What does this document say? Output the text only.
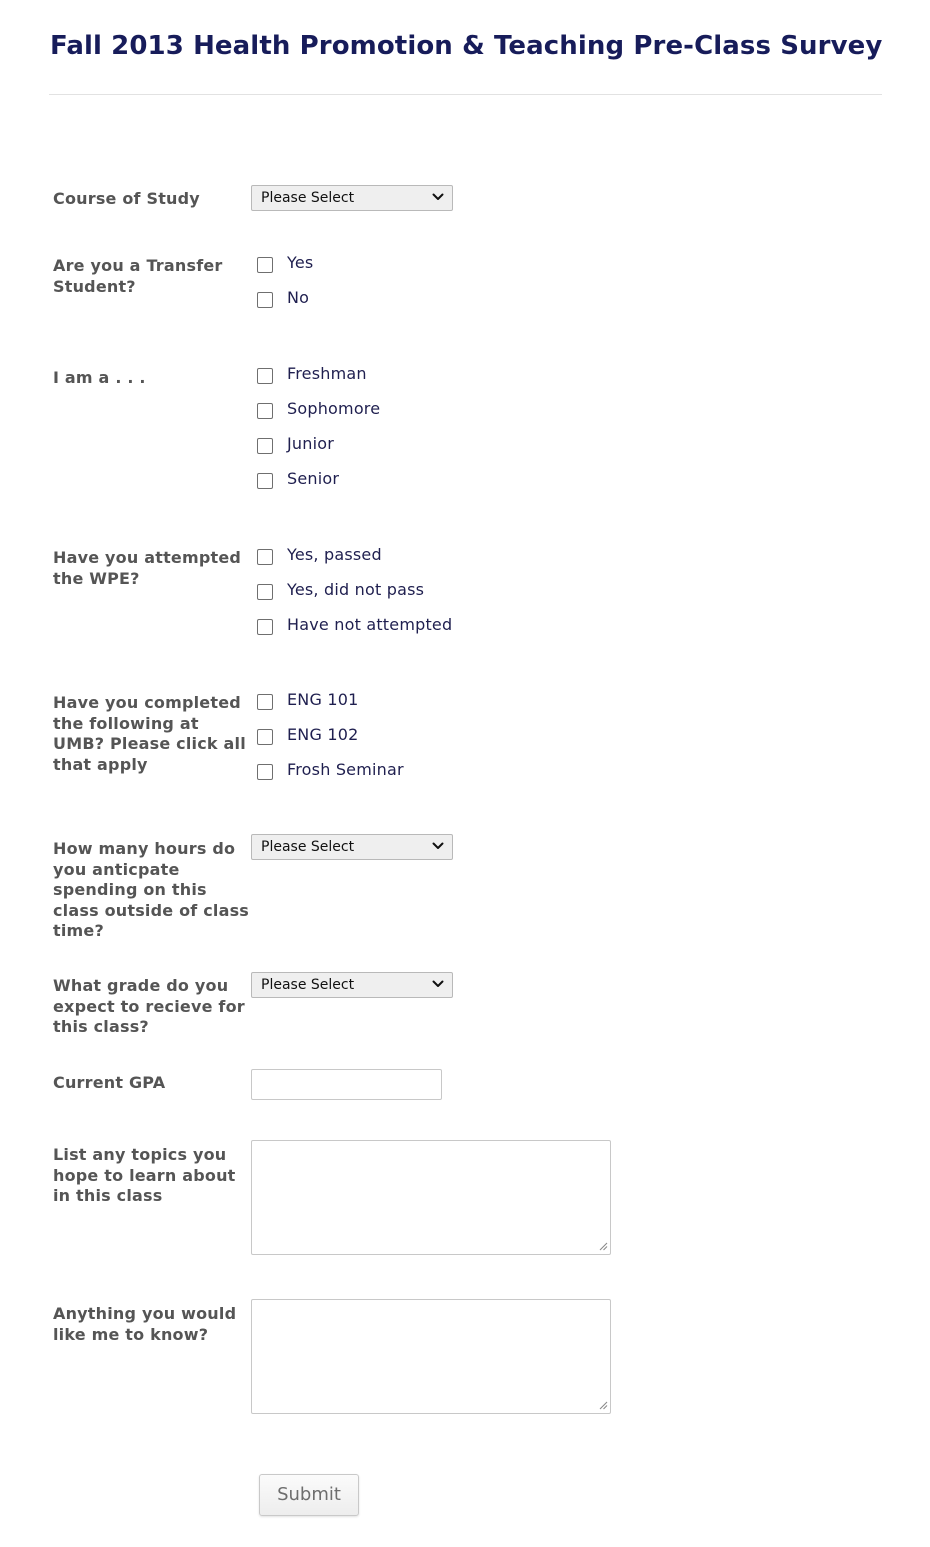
Fall 2013 Health Promotion & Teaching Pre-Class Survey
Course of Study	Please Select
Are you a Transfer Student?
Yes
No
I am a . . .	Freshman
Sophomore
Junior
Senior
Have you attempted the WPE?
Yes, passed
Yes, did not pass
Have not attempted
Have you completed the following at UMB? Please click all that apply
ENG 101
ENG 102
Frosh Seminar
How many hours do you anticpate spending on this class outside of class time?
Please Select
What grade do you expect to recieve for this class?
Please Select
Current GPA
List any topics you hope to learn about in this class
Anything you would like me to know?
Submit
